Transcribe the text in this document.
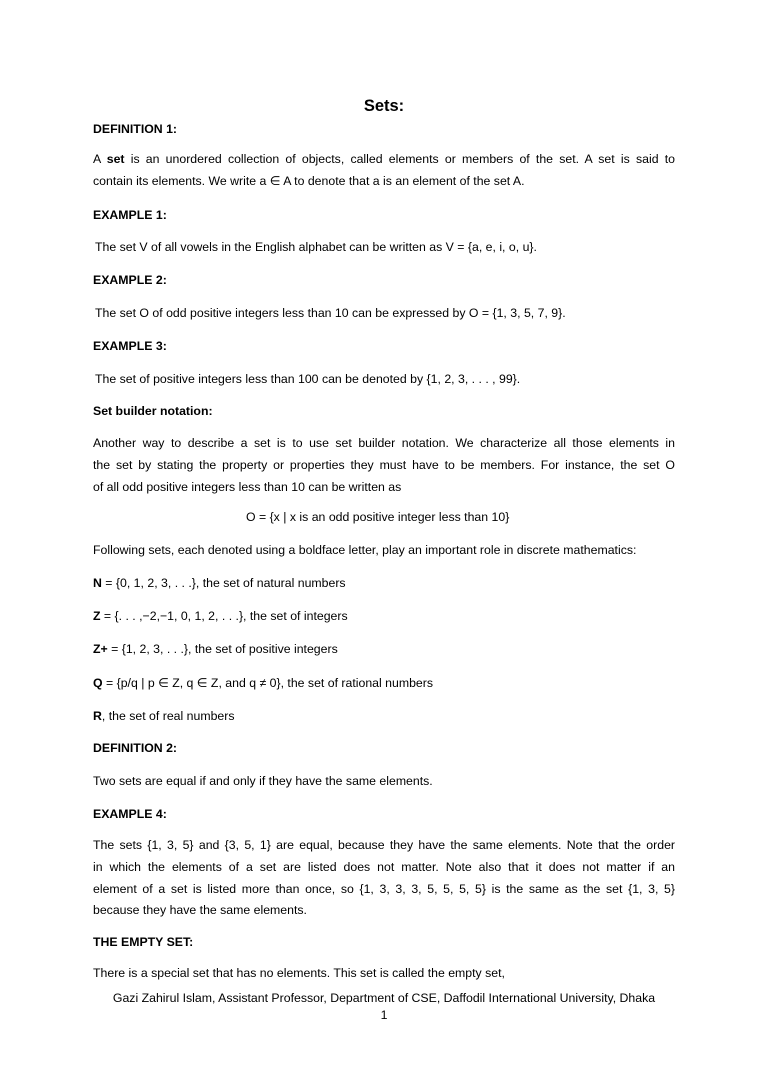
Sets:
DEFINITION 1:
A set is an unordered collection of objects, called elements or members of the set. A set is said to
contain its elements. We write a ∈ A to denote that a is an element of the set A.
EXAMPLE 1:
The set V of all vowels in the English alphabet can be written as V = {a, e, i, o, u}.
EXAMPLE 2:
The set O of odd positive integers less than 10 can be expressed by O = {1, 3, 5, 7, 9}.
EXAMPLE 3:
The set of positive integers less than 100 can be denoted by {1, 2, 3, . . . , 99}.
Set builder notation:
Another way to describe a set is to use set builder notation. We characterize all those elements in
the set by stating the property or properties they must have to be members. For instance, the set O
of all odd positive integers less than 10 can be written as
O = {x | x is an odd positive integer less than 10}
Following sets, each denoted using a boldface letter, play an important role in discrete mathematics:
N = {0, 1, 2, 3, . . .}, the set of natural numbers
Z = {. . . ,−2,−1, 0, 1, 2, . . .}, the set of integers
Z+ = {1, 2, 3, . . .}, the set of positive integers
Q = {p/q | p ∈ Z, q ∈ Z, and q ≠ 0}, the set of rational numbers
R, the set of real numbers
DEFINITION 2:
Two sets are equal if and only if they have the same elements.
EXAMPLE 4:
The sets {1, 3, 5} and {3, 5, 1} are equal, because they have the same elements. Note that the order
in which the elements of a set are listed does not matter. Note also that it does not matter if an
element of a set is listed more than once, so {1, 3, 3, 3, 5, 5, 5, 5} is the same as the set {1, 3, 5}
because they have the same elements.
THE EMPTY SET:
There is a special set that has no elements. This set is called the empty set,
Gazi Zahirul Islam, Assistant Professor, Department of CSE, Daffodil International University, Dhaka
1
